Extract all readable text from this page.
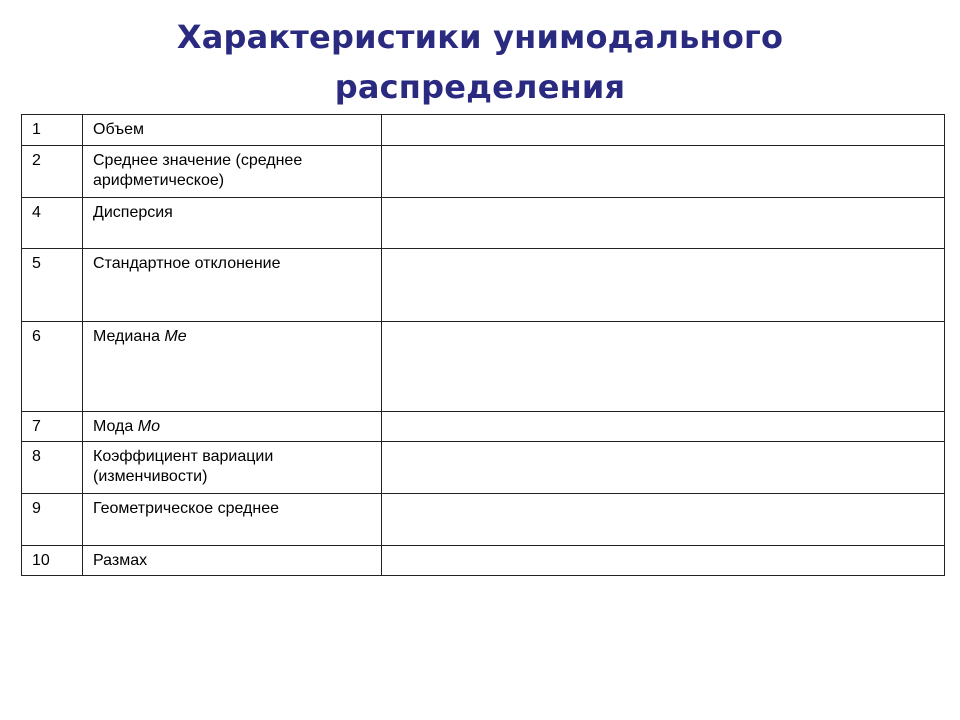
Характеристики унимодального
распределения
1	Объем	
2	Среднее значение (среднее арифметическое)	
4	Дисперсия	
5	Стандартное отклонение	
6	Медиана Me	
7	Мода Mo	
8	Коэффициент вариации (изменчивости)	
9	Геометрическое среднее	
10	Размах	
